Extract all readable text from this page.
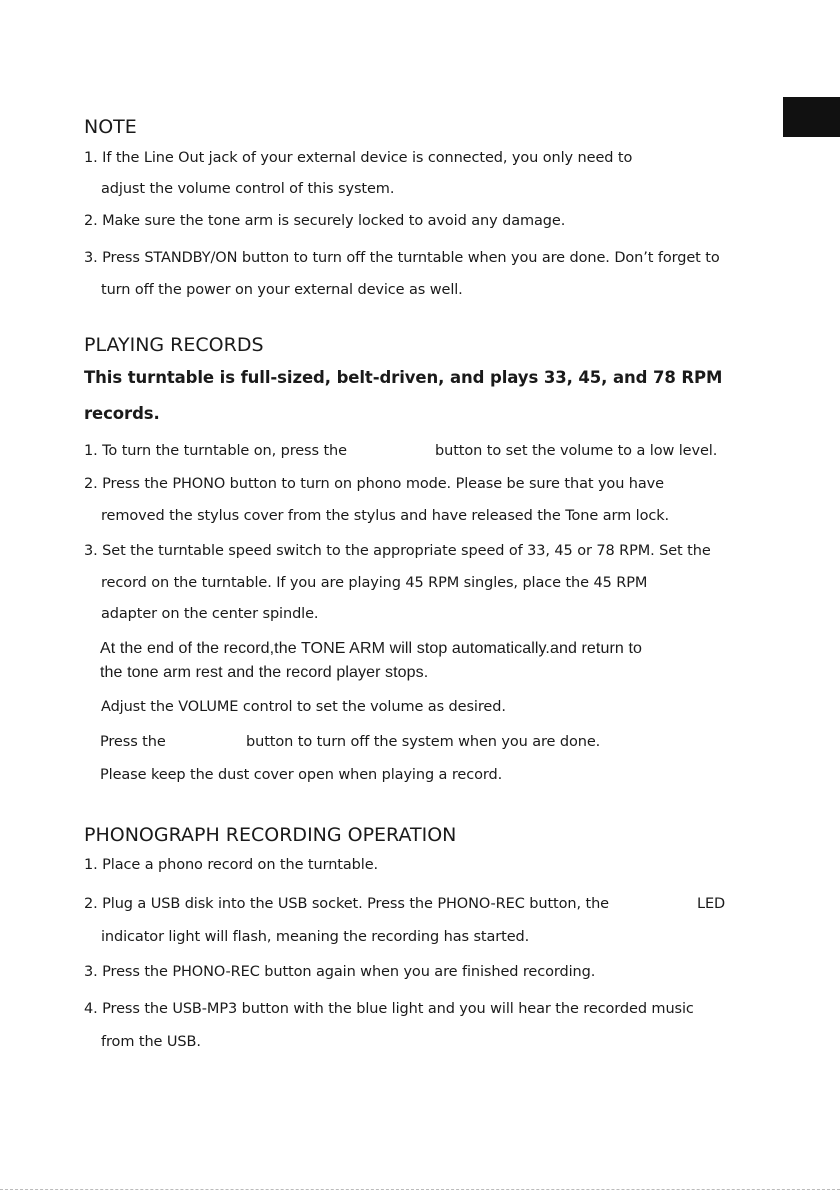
NOTE
1. If the Line Out jack of your external device is connected, you only need to
adjust the volume control of this system.
2. Make sure the tone arm is securely locked to avoid any damage.
3. Press STANDBY/ON button to turn off the turntable when you are done. Don’t forget to
turn off the power on your external device as well.
PLAYING RECORDS
This turntable is full-sized, belt-driven, and plays 33, 45, and 78 RPM
records.
1. To turn the turntable on, press the	button to set the volume to a low level.
2. Press the PHONO button to turn on phono mode. Please be sure that you have
removed the stylus cover from the stylus and have released the Tone arm lock.
3. Set the turntable speed switch to the appropriate speed of 33, 45 or 78 RPM. Set the
record on the turntable. If you are playing 45 RPM singles, place the 45 RPM
adapter on the center spindle.
At the end of the record,the TONE ARM will stop automatically.and return to
the tone arm rest and the record player stops.
Adjust the VOLUME control to set the volume as desired.
Press the	button to turn off the system when you are done.
Please keep the dust cover open when playing a record.
PHONOGRAPH RECORDING OPERATION
1. Place a phono record on the turntable.
2. Plug a USB disk into the USB socket. Press the PHONO-REC button, the	LED
indicator light will flash, meaning the recording has started.
3. Press the PHONO-REC button again when you are finished recording.
4. Press the USB-MP3 button with the blue light and you will hear the recorded music
from the USB.
